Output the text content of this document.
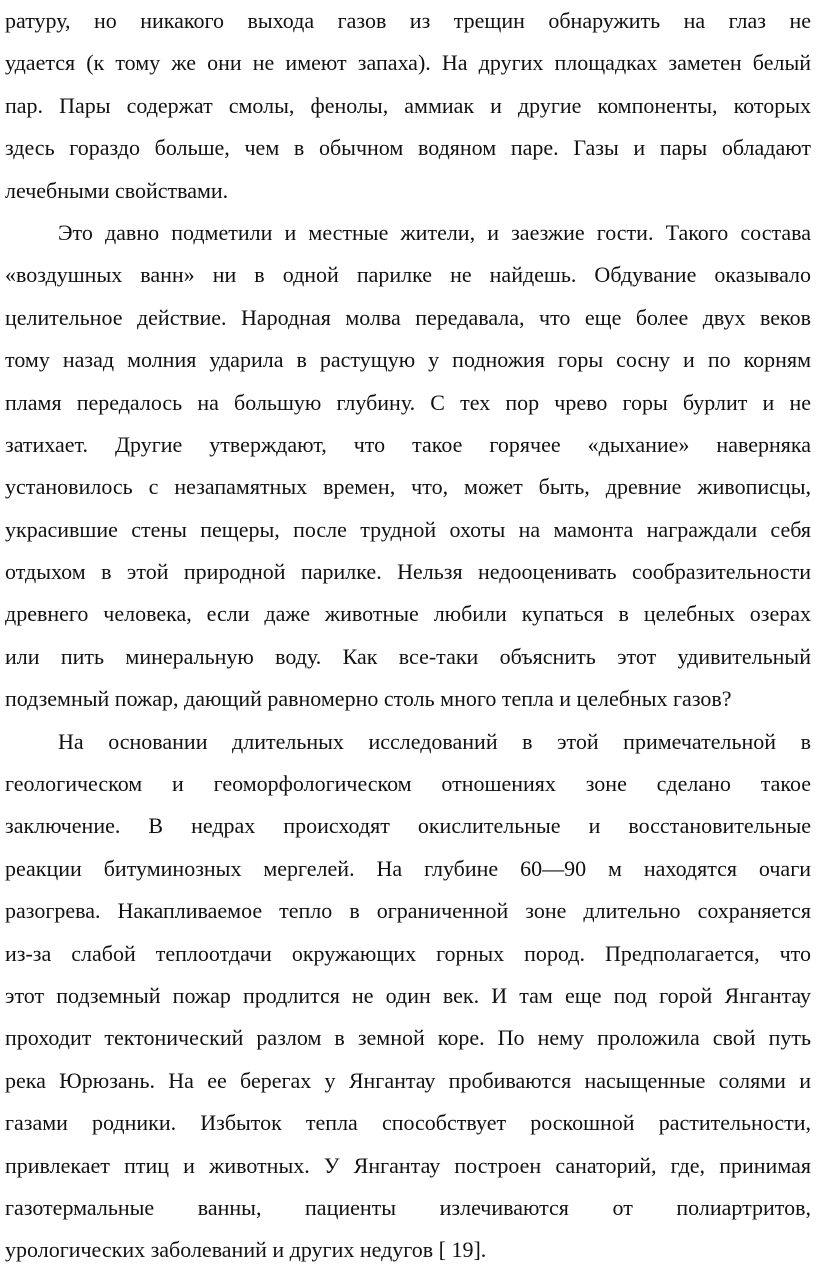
ратуру, но никакого выхода газов из трещин обнаружить на глаз не
удается (к тому же они не имеют запаха). На других площадках заметен белый
пар. Пары содержат смолы, фенолы, аммиак и другие компоненты, которых
здесь гораздо больше, чем в обычном водяном паре. Газы и пары обладают
лечебными свойствами.
Это давно подметили и местные жители, и заезжие гости. Такого состава
«воздушных ванн» ни в одной парилке не найдешь. Обдувание оказывало
целительное действие. Народная молва передавала, что еще более двух веков
тому назад молния ударила в растущую у подножия горы сосну и по корням
пламя передалось на большую глубину. С тех пор чрево горы бурлит и не
затихает. Другие утверждают, что такое горячее «дыхание» наверняка
установилось с незапамятных времен, что, может быть, древние живописцы,
украсившие стены пещеры, после трудной охоты на мамонта награждали себя
отдыхом в этой природной парилке. Нельзя недооценивать сообразительности
древнего человека, если даже животные любили купаться в целебных озерах
или пить минеральную воду. Как все-таки объяснить этот удивительный
подземный пожар, дающий равномерно столь много тепла и целебных газов?
На основании длительных исследований в этой примечательной в
геологическом и геоморфологическом отношениях зоне сделано такое
заключение. В недрах происходят окислительные и восстановительные
реакции битуминозных мергелей. На глубине 60—90 м находятся очаги
разогрева. Накапливаемое тепло в ограниченной зоне длительно сохраняется
из-за слабой теплоотдачи окружающих горных пород. Предполагается, что
этот подземный пожар продлится не один век. И там еще под горой Янгантау
проходит тектонический разлом в земной коре. По нему проложила свой путь
река Юрюзань. На ее берегах у Янгантау пробиваются насыщенные солями и
газами родники. Избыток тепла способствует роскошной растительности,
привлекает птиц и животных. У Янгантау построен санаторий, где, принимая
газотермальные ванны, пациенты излечиваются от полиартритов,
урологических заболеваний и других недугов [ 19].
